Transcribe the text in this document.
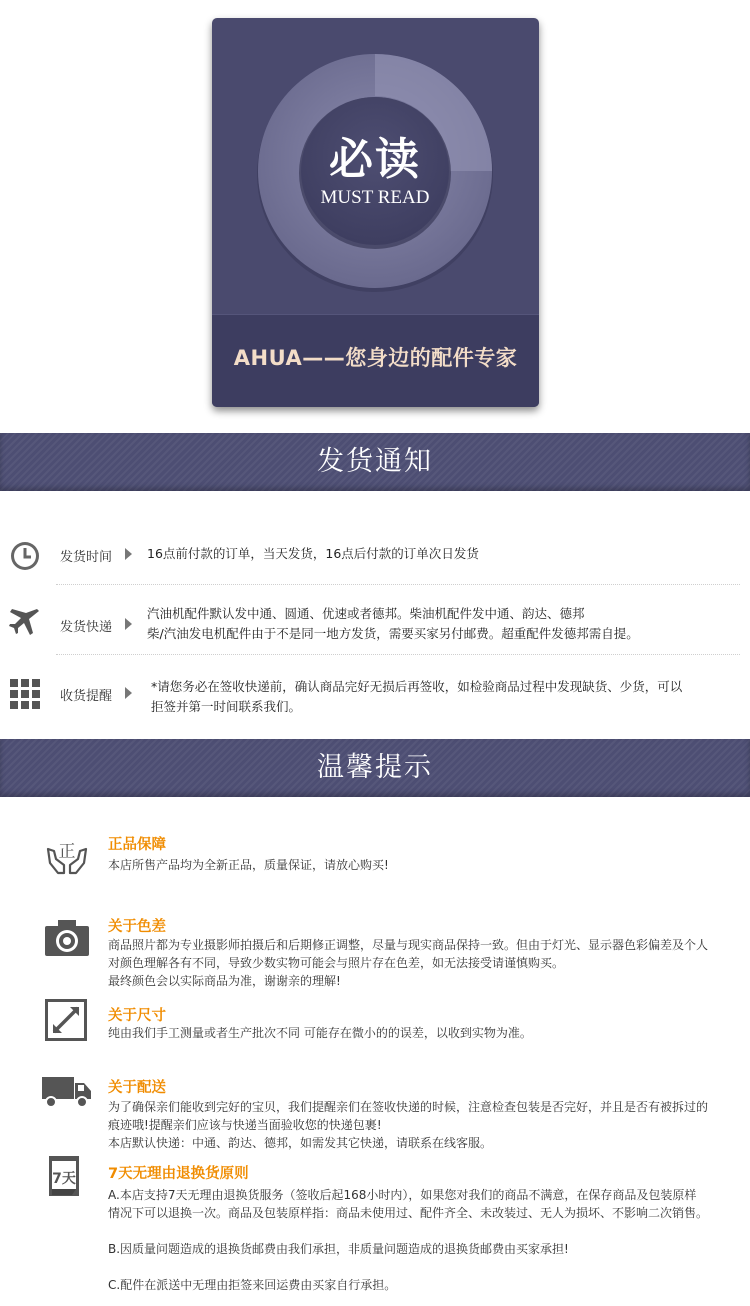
必读
MUST READ
AHUA——您身边的配件专家
发货通知
发货时间	16点前付款的订单，当天发货，16点后付款的订单次日发货
发货快递
汽油机配件默认发中通、圆通、优速或者德邦。柴油机配件发中通、韵达、德邦
柴/汽油发电机配件由于不是同一地方发货，需要买家另付邮费。超重配件发德邦需自提。
收货提醒
*请您务必在签收快递前，确认商品完好无损后再签收，如检验商品过程中发现缺货、少货，可以
拒签并第一时间联系我们。
温馨提示
正 正品保障
本店所售产品均为全新正品，质量保证，请放心购买!
关于色差
商品照片都为专业摄影师拍摄后和后期修正调整，尽量与现实商品保持一致。但由于灯光、显示器色彩偏差及个人
对颜色理解各有不同，导致少数实物可能会与照片存在色差，如无法接受请谨慎购买。
最终颜色会以实际商品为准，谢谢亲的理解!
关于尺寸
纯由我们手工测量或者生产批次不同 可能存在微小的的误差，以收到实物为准。
关于配送
为了确保亲们能收到完好的宝贝，我们提醒亲们在签收快递的时候，注意检查包装是否完好，并且是否有被拆过的
痕迹哦!提醒亲们应该与快递当面验收您的快递包裹!
本店默认快递：中通、韵达、德邦，如需发其它快递，请联系在线客服。
7天 7天无理由退换货原则
A.本店支持7天无理由退换货服务（签收后起168小时内），如果您对我们的商品不满意，在保存商品及包装原样
情况下可以退换一次。商品及包装原样指：商品未使用过、配件齐全、未改装过、无人为损坏、不影响二次销售。
B.因质量问题造成的退换货邮费由我们承担，非质量问题造成的退换货邮费由买家承担!
C.配件在派送中无理由拒签来回运费由买家自行承担。
